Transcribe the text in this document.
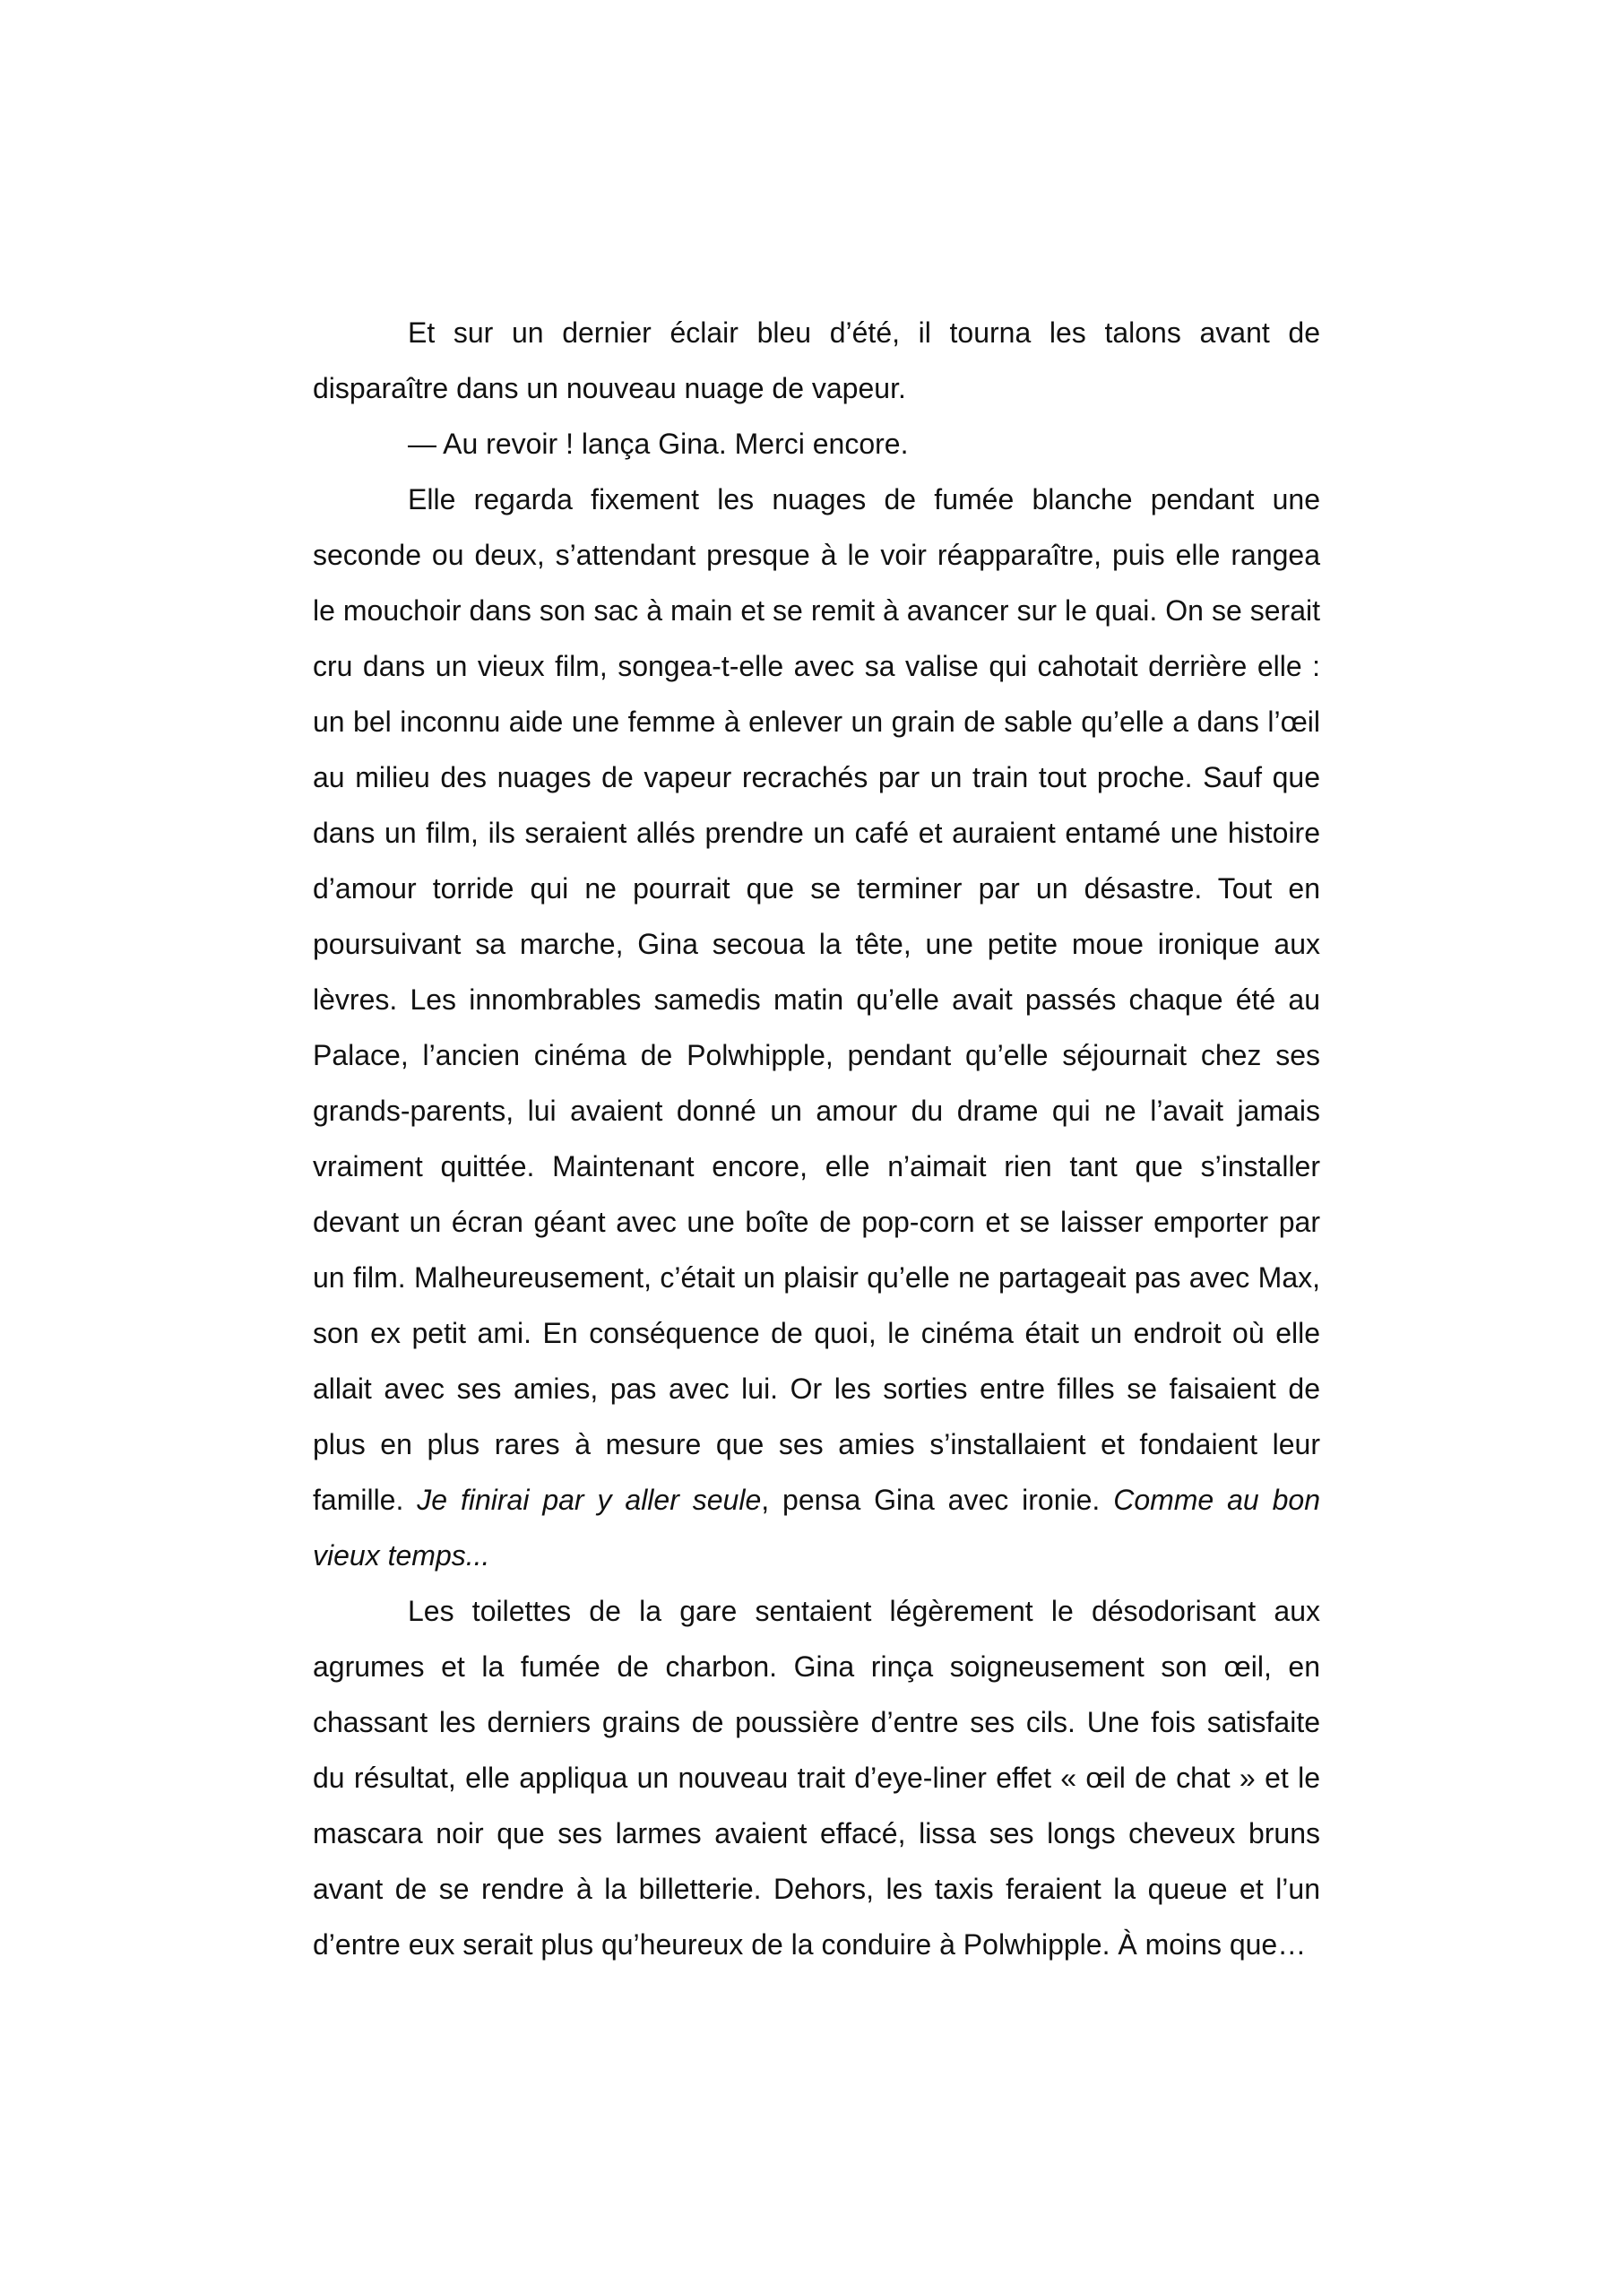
Et sur un dernier éclair bleu d’été, il tourna les talons avant de disparaître dans un nouveau nuage de vapeur.

— Au revoir ! lança Gina. Merci encore.

Elle regarda fixement les nuages de fumée blanche pendant une seconde ou deux, s’attendant presque à le voir réapparaître, puis elle rangea le mouchoir dans son sac à main et se remit à avancer sur le quai. On se serait cru dans un vieux film, songea-t-elle avec sa valise qui cahotait derrière elle : un bel inconnu aide une femme à enlever un grain de sable qu’elle a dans l’œil au milieu des nuages de vapeur recrachés par un train tout proche. Sauf que dans un film, ils seraient allés prendre un café et auraient entamé une histoire d’amour torride qui ne pourrait que se terminer par un désastre. Tout en poursuivant sa marche, Gina secoua la tête, une petite moue ironique aux lèvres. Les innombrables samedis matin qu’elle avait passés chaque été au Palace, l’ancien cinéma de Polwhipple, pendant qu’elle séjournait chez ses grands-parents, lui avaient donné un amour du drame qui ne l’avait jamais vraiment quittée. Maintenant encore, elle n’aimait rien tant que s’installer devant un écran géant avec une boîte de pop-corn et se laisser emporter par un film. Malheureusement, c’était un plaisir qu’elle ne partageait pas avec Max, son ex petit ami. En conséquence de quoi, le cinéma était un endroit où elle allait avec ses amies, pas avec lui. Or les sorties entre filles se faisaient de plus en plus rares à mesure que ses amies s’installaient et fondaient leur famille. Je finirai par y aller seule, pensa Gina avec ironie. Comme au bon vieux temps...

Les toilettes de la gare sentaient légèrement le désodorisant aux agrumes et la fumée de charbon. Gina rinça soigneusement son œil, en chassant les derniers grains de poussière d’entre ses cils. Une fois satisfaite du résultat, elle appliqua un nouveau trait d’eye-liner effet « œil de chat » et le mascara noir que ses larmes avaient effacé, lissa ses longs cheveux bruns avant de se rendre à la billetterie. Dehors, les taxis feraient la queue et l’un d’entre eux serait plus qu’heureux de la conduire à Polwhipple. À moins que…
